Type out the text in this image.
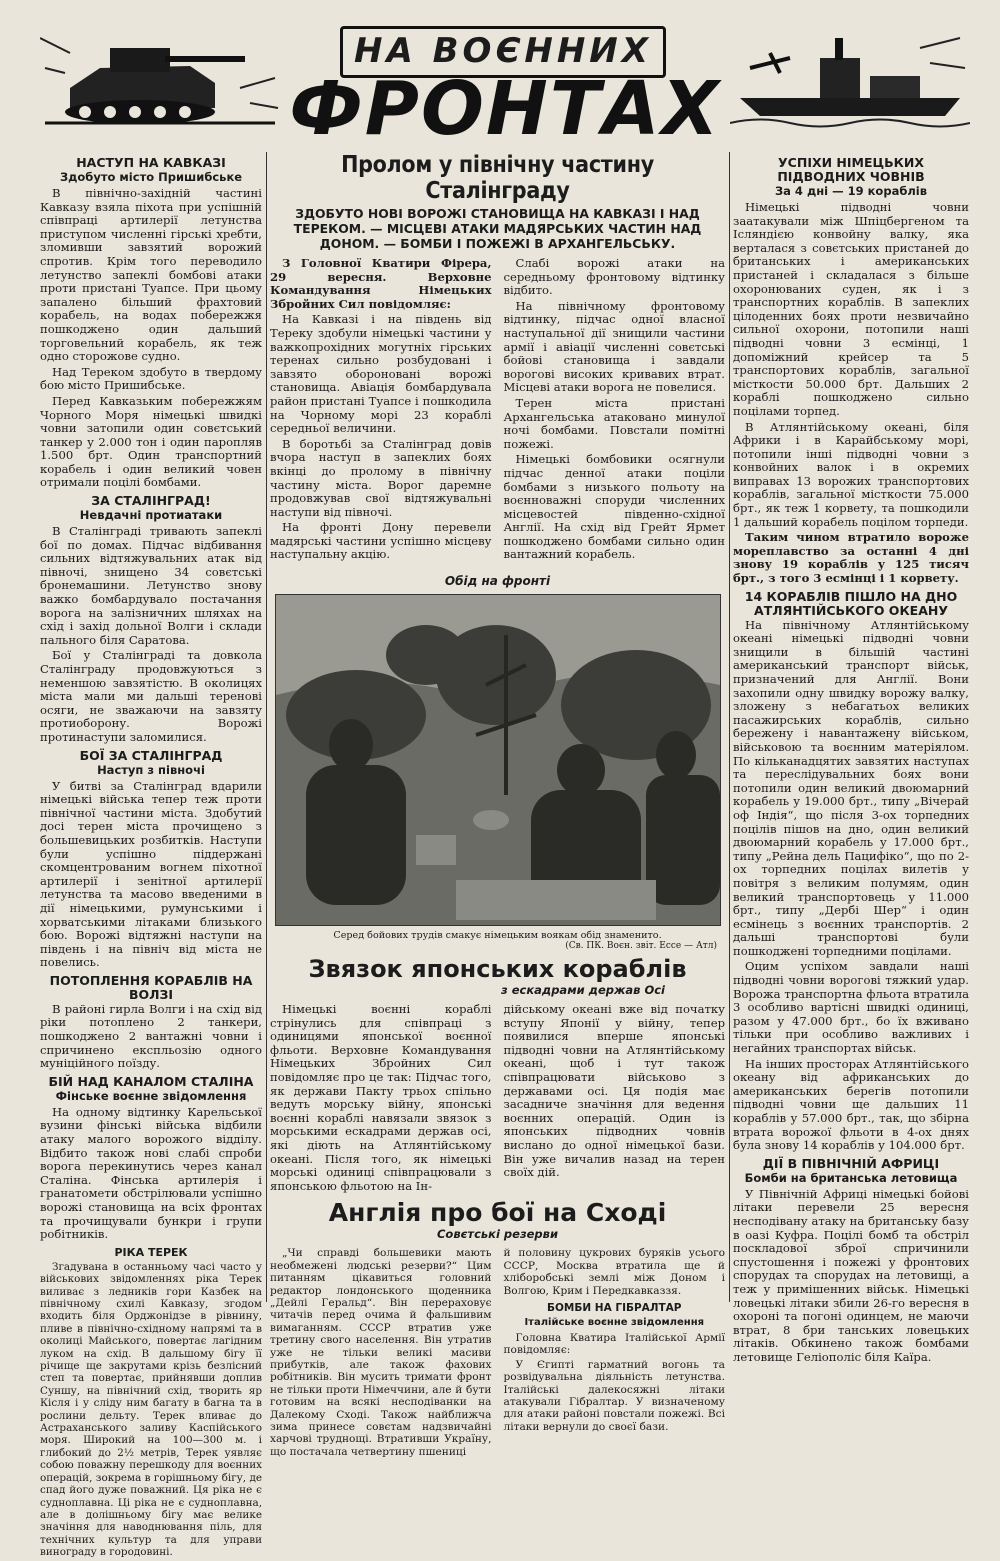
НА ВОЄННИХ
ФРОНТАХ
НАСТУП НА КАВКАЗІ
Здобуто місто Пришибське

В північно-західній частині Кавказу взяла піхота при успішній співпраці артилерії летунства приступом численні гірські хребти, зломивши завзятий ворожий спротив. Крім того переводило летунство запеклі бомбові атаки проти пристані Туапсе. При цьому запалено більший фрахтовий корабель, на водах побережжя пошкоджено один дальший торговельний корабель, як теж одно сторожове судно.

Над Тереком здобуто в твердому бою місто Пришибське.

Перед Кавказьким побережжям Чорного Моря німецькі швидкі човни затопили один совєтський танкер у 2.000 тон і один паропляв 1.500 брт. Один транспортний корабель і один великий човен отримали поцілі бомбами.

ЗА СТАЛІНГРАД!
Невдачні протиатаки

В Сталінграді тривають запеклі бої по домах. Підчас відбивання сильних відтяжувальних атак від півночі, знищено 34 совєтські бронемашини. Летунство знову важко бомбардувало постачання ворога на залізничних шляхах на схід і захід дольної Волги і склади пального біля Саратова.

Бої у Сталінграді та довкола Сталінграду продовжуються з неменшою завзятістю. В околицях міста мали ми дальші теренові осяги, не зважаючи на завзяту протиоборону. Ворожі протинаступи заломилися.

БОЇ ЗА СТАЛІНГРАД
Наступ з півночі

У битві за Сталінград вдарили німецькі війська тепер теж проти північної частини міста. Здобутий досі терен міста прочищено з большевицьких розбитків. Наступи були успішно піддержані скомцентрованим вогнем піхотної артилерії і зенітної артилерії летунства та масово введеними в дії німецькими, румунськими і хорватськими літаками близького бою. Ворожі відтяжні наступи на південь і на північ від міста не повелись.

ПОТОПЛЕННЯ КОРАБЛІВ НА ВОЛЗІ

В районі гирла Волги і на схід від ріки потоплено 2 танкери, пошкоджено 2 вантажні човни і спричинено експльозію одного муніційного поїзду.

БІЙ НАД КАНАЛОМ СТАЛІНА
Фінське воєнне звідомлення

На одному відтинку Карельської вузини фінські війська відбили атаку малого ворожого відділу. Відбито також нові слабі спроби ворога перекинутись через канал Сталіна. Фінська артилерія і гранатомети обстрілювали успішно ворожі становища на всіх фронтах та прочищували бункри і групи робітників.

РІКА ТЕРЕК

Згадувана в останньому часі часто у військових звідомленнях ріка Терек виливає з ледників гори Казбек на північному схилі Кавказу, згодом входить біля Орджонідзе в рівнину, пливе в північно-східному напрямі та в околиці Майського, повертає лагідним луком на схід. В дальшому бігу її річище ще закрутами крізь безлісний степ та повертає, прийнявши доплив Суншу, на північний схід, творить яр Кісля і у сліду ним багату в багна та в рослини дельту. Терек вливає до Астраханського заливу Каспійського моря. Широкий на 100—300 м. і глибокий до 2½ метрів, Терек уявляє собою поважну перешкоду для воєнних операцій, зокрема в горішньому бігу, де спад його дуже поважний. Ця ріка не є судноплавна. Ці ріка не є судноплавна, але в долішньому бігу має велике значіння для наводнювання піль, для технічних культур та для управи винограду в городовині.

Пролом у північну частину Сталінграду
ЗДОБУТО НОВІ ВОРОЖІ СТАНОВИЩА НА КАВКАЗІ І НАД ТЕРЕКОМ. — МІСЦЕВІ АТАКИ МАДЯРСЬКИХ ЧАСТИН НАД ДОНОМ. — БОМБИ І ПОЖЕЖІ В АРХАНГЕЛЬСЬКУ.

З Головної Кватири Фірера, 29 вересня. Верховне Командування Німецьких Збройних Сил повідомляє:

На Кавказі і на південь від Тереку здобули німецькі частини у важкопрохідних могутніх гірських теренах сильно розбудовані і завзято обороновані ворожі становища. Авіація бомбардувала район пристані Туапсе і пошкодила на Чорному морі 23 кораблі середньої величини.

В боротьбі за Сталінград довів вчора наступ в запеклих боях вкінці до пролому в північну частину міста. Ворог даремне продовжував свої відтяжувальні наступи від півночі.

На фронті Дону перевели мадярські частини успішно місцеву наступальну акцію.

Слабі ворожі атаки на середньому фронтовому відтинку відбито.

На північному фронтовому відтинку, підчас одної власної наступальної дії знищили частини армії і авіації численні совєтські бойові становища і завдали ворогові високих кривавих втрат. Місцеві атаки ворога не повелися.

Терен міста пристані Архангельська атаковано минулої ночі бомбами. Повстали помітні пожежі.

Німецькі бомбовики осягнули підчас денної атаки поціли бомбами з низького польоту на воєнноважні споруди численних місцевостей південно-східної Англії. На схід від Грейт Ярмет пошкоджено бомбами сильно один вантажний корабель.

Обід на фронті
Серед бойових трудів смакує німецьким воякам обід знаменито.
(Св. ПК. Воєн. звіт. Ессе — Атл)
Звязок японських кораблів
з ескадрами держав Осі

Німецькі воєнні кораблі стрінулись для співпраці з одиницями японської воєнної фльоти. Верховне Командування Німецьких Збройних Сил повідомляє про це так: Підчас того, як держави Пакту трьох спільно ведуть морську війну, японські воєнні кораблі навязали звязок з морськими ескадрами держав осі, які діють на Атлянтійському океані. Після того, як німецькі морські одиниці співпрацювали з японською фльотою на Ін-

дійському океані вже від початку вступу Японії у війну, тепер появилися вперше японські підводні човни на Атлянтійському океані, щоб і тут також співпрацювати військово з державами осі. Ця подія має засадниче значіння для ведення воєнних операцій. Один із японських підводних човнів вислано до одної німецької бази. Він уже вичалив назад на терен своїх дій.

Англія про бої на Сході
Совєтські резерви

„Чи справді большевики мають необмежені людські резерви?“ Цим питанням цікавиться головний редактор лондонського щоденника „Дейлі Геральд“. Він перераховує читачів перед очима й фальшивим вимаганням. СССР втратив уже третину свого населення. Він утратив уже не тільки великі масиви прибутків, але також фахових робітників. Він мусить тримати фронт не тільки проти Німеччини, але й бути готовим на всякі несподіванки на Далекому Сході. Також найближча зима принесе совєтам надзвичайні харчові труднощі. Втративши Україну, що постачала четвертину пшениці

й половину цукрових буряків усього СССР, Москва втратила ще й хліборобські землі між Доном і Волгою, Крим і Передкавказзя.

БОМБИ НА ГІБРАЛТАР
Італійське воєнне звідомлення

Головна Кватира Італійської Армії повідомляє:

У Єгипті гарматний вогонь та розвідувальна діяльність летунства. Італійські далекосяжні літаки атакували Гібралтар. У визначеному для атаки районі повстали пожежі. Всі літаки вернули до своєї бази.

УСПІХИ НІМЕЦЬКИХ ПІДВОДНИХ ЧОВНІВ
За 4 дні — 19 кораблів

Німецькі підводні човни заатакували між Шпіцбергеном та Ісляндією конвойну валку, яка верталася з совєтських пристаней до британських і американських пристаней і складалася з більше охоронюваних суден, як і з транспортних кораблів. В запеклих цілоденних боях проти незвичайно сильної охорони, потопили наші підводні човни 3 есмінці, 1 допоміжний крейсер та 5 транспортових кораблів, загальної місткости 50.000 брт. Дальших 2 кораблі пошкоджено сильно поцілами торпед.

В Атлянтійському океані, біля Африки і в Карайбському морі, потопили інші підводні човни з конвойних валок і в окремих виправах 13 ворожих транспортових кораблів, загальної місткости 75.000 брт., як теж 1 корвету, та пошкодили 1 дальший корабель поцілом торпеди.

Таким чином втратило вороже мореплавство за останні 4 дні знову 19 кораблів у 125 тисяч брт., з того 3 есмінці і 1 корвету.

14 КОРАБЛІВ ПІШЛО НА ДНО АТЛЯНТІЙСЬКОГО ОКЕАНУ

На північному Атлянтійському океані німецькі підводні човни знищили в більшій частині американський транспорт військ, призначений для Англії. Вони захопили одну швидку ворожу валку, зложену з небагатьох великих пасажирських кораблів, сильно бережену і навантажену військом, військовою та воєнним матеріялом. По кільканадцятих завзятих наступах та переслідувальних боях вони потопили один великий двоюмарний корабель у 19.000 брт., типу „Вічерай оф Індія“, що після 3-ох торпедних поцілів пішов на дно, один великий двоюмарний корабель у 17.000 брт., типу „Рейна дель Пацифіко“, що по 2-ох торпедних поцілах вилетів у повітря з великим полумям, один великий транспортовець у 11.000 брт., типу „Дербі Шер“ і один есмінець з воєнних транспортів. 2 дальші транспортові були пошкоджені торпедними поцілами.

Оцим успіхом завдали наші підводні човни ворогові тяжкий удар. Ворожа транспортна фльота втратила 3 особливо вартісні швидкі одиниці, разом у 47.000 брт., бо їх вживано тільки при особливо важливих і негайних транспортах військ.

На інших просторах Атлянтійського океану від африканських до американських берегів потопили підводні човни ще дальших 11 кораблів у 57.000 брт., так, що збірна втрата ворожої фльоти в 4-ох днях була знову 14 кораблів у 104.000 брт.

ДІЇ В ПІВНІЧНІЙ АФРИЦІ
Бомби на британська летовища

У Північній Африці німецькі бойові літаки перевели 25 вересня несподівану атаку на британську базу в оазі Куфра. Поцілі бомб та обстріл поскладової зброї спричинили спустошення і пожежі у фронтових спорудах та спорудах на летовищі, а теж у примішенних військ. Німецькі ловецькі літаки збили 26-го вересня в охороні та погоні одинцем, не маючи втрат, 8 бри танських ловецьких літаків. Обкинено також бомбами летовище Геліополіс біля Каїра.
